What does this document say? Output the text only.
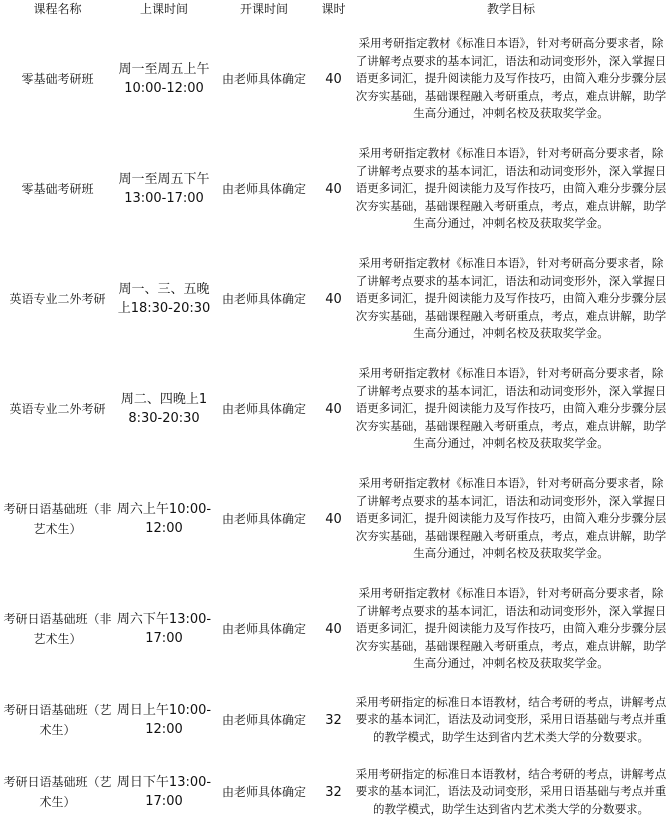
课程名称	上课时间	开课时间	课时	教学目标
零基础考研班	周一至周五上午10:00-12:00	由老师具体确定	40	采用考研指定教材《标准日本语》，针对考研高分要求者，除了讲解考点要求的基本词汇，语法和动词变形外，深入掌握日语更多词汇，提升阅读能力及写作技巧，由简入难分步骤分层次夯实基础，基础课程融入考研重点，考点，难点讲解，助学生高分通过，冲刺名校及获取奖学金。
零基础考研班	周一至周五下午13:00-17:00	由老师具体确定	40	采用考研指定教材《标准日本语》，针对考研高分要求者，除了讲解考点要求的基本词汇，语法和动词变形外，深入掌握日语更多词汇，提升阅读能力及写作技巧，由简入难分步骤分层次夯实基础，基础课程融入考研重点，考点，难点讲解，助学生高分通过，冲刺名校及获取奖学金。
英语专业二外考研	周一、三、五晚上18:30-20:30	由老师具体确定	40	采用考研指定教材《标准日本语》，针对考研高分要求者，除了讲解考点要求的基本词汇，语法和动词变形外，深入掌握日语更多词汇，提升阅读能力及写作技巧，由简入难分步骤分层次夯实基础，基础课程融入考研重点，考点，难点讲解，助学生高分通过，冲刺名校及获取奖学金。
英语专业二外考研	周二、四晚上18:30-20:30	由老师具体确定	40	采用考研指定教材《标准日本语》，针对考研高分要求者，除了讲解考点要求的基本词汇，语法和动词变形外，深入掌握日语更多词汇，提升阅读能力及写作技巧，由简入难分步骤分层次夯实基础，基础课程融入考研重点，考点，难点讲解，助学生高分通过，冲刺名校及获取奖学金。
考研日语基础班（非艺术生）	周六上午10:00-12:00	由老师具体确定	40	采用考研指定教材《标准日本语》，针对考研高分要求者，除了讲解考点要求的基本词汇，语法和动词变形外，深入掌握日语更多词汇，提升阅读能力及写作技巧，由简入难分步骤分层次夯实基础，基础课程融入考研重点，考点，难点讲解，助学生高分通过，冲刺名校及获取奖学金。
考研日语基础班（非艺术生）	周六下午13:00-17:00	由老师具体确定	40	采用考研指定教材《标准日本语》，针对考研高分要求者，除了讲解考点要求的基本词汇，语法和动词变形外，深入掌握日语更多词汇，提升阅读能力及写作技巧，由简入难分步骤分层次夯实基础，基础课程融入考研重点，考点，难点讲解，助学生高分通过，冲刺名校及获取奖学金。
考研日语基础班（艺术生）	周日上午10:00-12:00	由老师具体确定	32	采用考研指定的标准日本语教材，结合考研的考点，讲解考点要求的基本词汇，语法及动词变形，采用日语基础与考点并重的教学模式，助学生达到省内艺术类大学的分数要求。
考研日语基础班（艺术生）	周日下午13:00-17:00	由老师具体确定	32	采用考研指定的标准日本语教材，结合考研的考点，讲解考点要求的基本词汇，语法及动词变形，采用日语基础与考点并重的教学模式，助学生达到省内艺术类大学的分数要求。
